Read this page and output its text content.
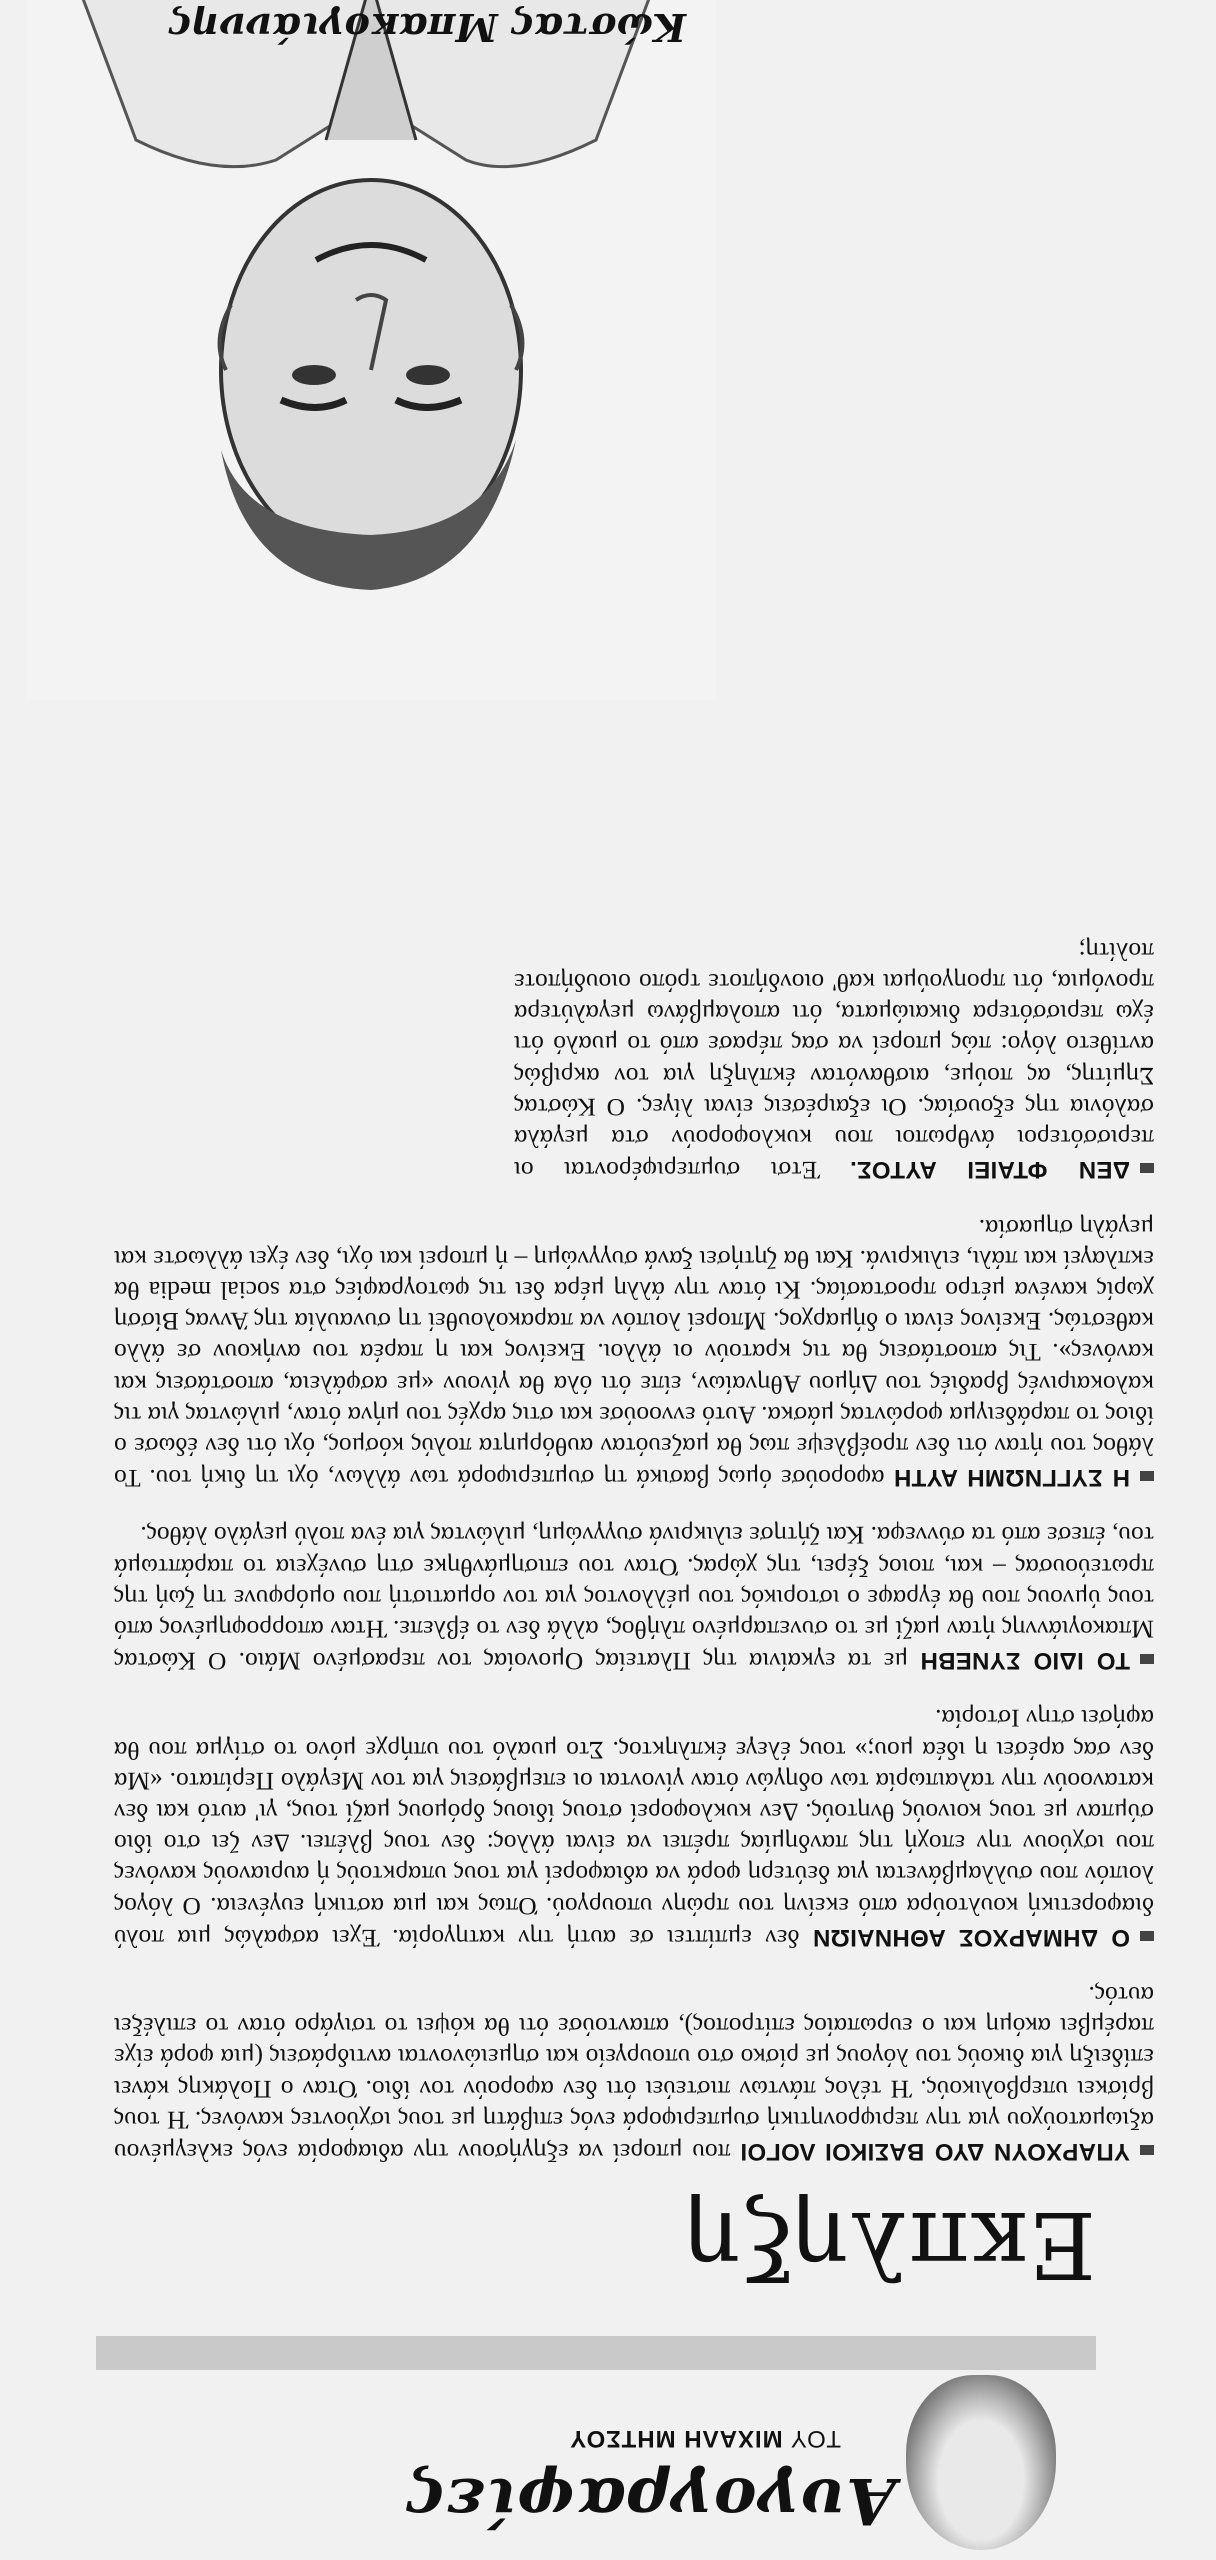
Αυγογραφίες
ΤΟΥ ΜΙΧΑΛΗ ΜΗΤΣΟΥ
Εκπληξη

ΥΠΑΡΧΟΥΝ ΔΥΟ ΒΑΣΙΚΟΙ ΛΟΓΟΙ που μπορεί να εξηγήσουν την αδιαφορία ενός εκλεγμένου αξιωματούχου για την περιφρονητική συμπεριφορά ενός επιβάτη με τους ισχύοντες κανόνες. Ή τους βρίσκει υπερβολικούς. Ή τέλος πάντων πιστεύει ότι δεν αφορούν τον ίδιο. Όταν ο Πολάκης κάνει επίδειξη για δικούς του λόγους με ρίσκο στο υπουργείο και σημειώνονται αντιδράσεις (μια φορά είχε παρέμβει ακόμη και ο ευρωπαίος επίτροπος), απαντούσε ότι θα κόψει το τσιγάρο όταν το επιλέξει αυτός.

Ο ΔΗΜΑΡΧΟΣ ΑΘΗΝΑΙΩΝ δεν εμπίπτει σε αυτή την κατηγορία. Έχει ασφαλώς μια πολύ διαφορετική κουλτούρα από εκείνη του πρώην υπουργού. Όπως και μια αστική ευγένεια. Ο λόγος λοιπόν που συλλαμβάνεται για δεύτερη φορά να αδιαφορεί για τους υπαρκτούς ή αυριανούς κανόνες που ισχύουν την εποχή της πανδημίας πρέπει να είναι άλλος: δεν τους βλέπει. Δεν ζει στο ίδιο σύμπαν με τους κοινούς θνητούς. Δεν κυκλοφορεί στους ίδιους δρόμους μαζί τους, γι' αυτό και δεν κατανοούν την ταλαιπωρία των οδηγών όταν γίνονται οι επεμβάσεις για τον Μεγάλο Περίπατο. «Μα δεν σας αρέσει η ιδέα μου;» τους έλεγε έκπληκτος. Στο μυαλό του υπήρχε μόνο το στίγμα που θα αφήσει στην Ιστορία.

ΤΟ ΙΔΙΟ ΣΥΝΕΒΗ με τα εγκαίνια της Πλατείας Ομονοίας τον περασμένο Μάιο. Ο Κώστας Μπακογιάννης ήταν μαζί με το συνεπαρμένο πλήθος, αλλά δεν το έβλεπε. Ήταν απορροφημένος από τους ύμνους που θα έγραφε ο ιστορικός του μέλλοντος για τον ορματιστή που ομόρφυνε τη ζωή της πρωτεύουσας – και, ποιος ξέρει, της χώρας. Όταν του επισημάνθηκε στη συνέχεια το παράπτωμά του, έπεσε από τα σύννεφα. Και ζήτησε ειλικρινά συγγνώμη, μιλώντας για ένα πολύ μεγάλο λάθος.

Η ΣΥΓΓΝΩΜΗ ΑΥΤΗ αφορούσε όμως βασικά τη συμπεριφορά των άλλων, όχι τη δική του. Το λάθος του ήταν ότι δεν προέβλεψε πως θα μαζευόταν αυθόρμητα πολύς κόσμος, όχι ότι δεν έδωσε ο ίδιος το παράδειγμα φορώντας μάσκα. Αυτό εννοούσε και στις αρχές του μήνα όταν, μιλώντας για τις καλοκαιρινές βραδιές του Δήμου Αθηναίων, είπε ότι όλα θα γίνουν «με ασφάλεια, αποστάσεις και κανόνες». Τις αποστάσεις θα τις κρατούν οι άλλοι. Εκείνος και η παρέα του ανήκουν σε άλλο καθεστώς. Εκείνος είναι ο δήμαρχος. Μπορεί λοιπόν να παρακολουθεί τη συναυλία της Άννας Βίσση χωρίς κανένα μέτρο προστασίας. Κι όταν την άλλη μέρα δει τις φωτογραφίες στα social media θα εκπλαγεί και πάλι, ειλικρινά. Και θα ζητήσει ξανά συγγνώμη – ή μπορεί και όχι, δεν έχει άλλωστε και μεγάλη σημασία.

ΔΕΝ ΦΤΑΙΕΙ ΑΥΤΟΣ. Έτσι συμπεριφέρονται οι περισσότεροι άνθρωποι που κυκλοφορούν στα μεγάλα σαλόνια της εξουσίας. Οι εξαιρέσεις είναι λίγες. Ο Κώστας Σημίτης, ας πούμε, αισθανόταν έκπληξη για τον ακριβώς αντίθετο λόγο: πώς μπορεί να σας πέρασε από το μυαλό ότι έχω περισσότερα δικαιώματα, ότι απολαμβάνω μεγαλύτερα προνόμια, ότι προηγούμαι καθ' οιονδήποτε τρόπο οιουδήποτε πολίτη;

Κώστας Μπακογιάννης
